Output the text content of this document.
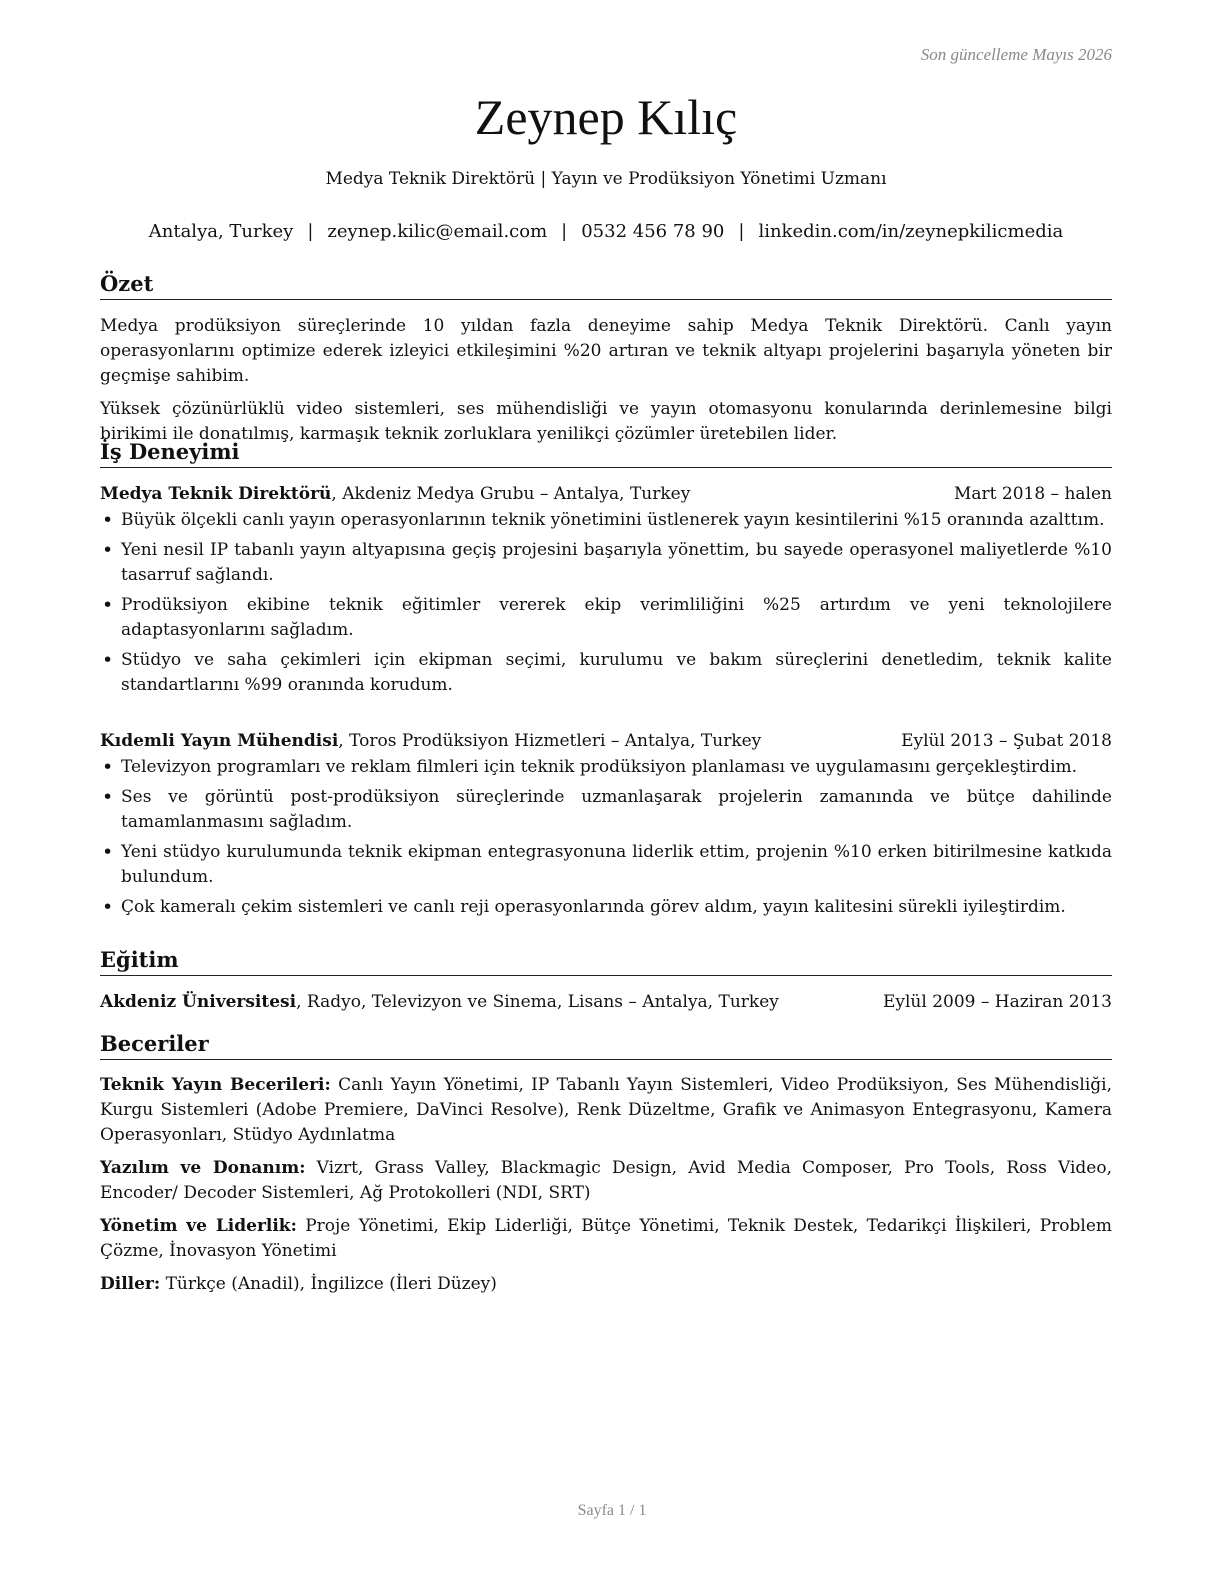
Son güncelleme Mayıs 2026
Zeynep Kılıç
Medya Teknik Direktörü | Yayın ve Prodüksiyon Yönetimi Uzmanı
Antalya, Turkey | zeynep.kilic@email.com | 0532 456 78 90 | linkedin.com/in/zeynepkilicmedia
Özet

Medya prodüksiyon süreçlerinde 10 yıldan fazla deneyime sahip Medya Teknik Direktörü. Canlı yayın operasyonlarını optimize ederek izleyici etkileşimini %20 artıran ve teknik altyapı projelerini başarıyla yöneten bir geçmişe sahibim.

Yüksek çözünürlüklü video sistemleri, ses mühendisliği ve yayın otomasyonu konularında derinlemesine bilgi birikimi ile donatılmış, karmaşık teknik zorluklara yenilikçi çözümler üretebilen lider.

İş Deneyimi
Medya Teknik Direktörü, Akdeniz Medya Grubu – Antalya, Turkey	Mart 2018 – halen
• Büyük ölçekli canlı yayın operasyonlarının teknik yönetimini üstlenerek yayın kesintilerini %15 oranında azalttım.
• Yeni nesil IP tabanlı yayın altyapısına geçiş projesini başarıyla yönettim, bu sayede operasyonel maliyetlerde %10 tasarruf sağlandı.
• Prodüksiyon ekibine teknik eğitimler vererek ekip verimliliğini %25 artırdım ve yeni teknolojilere adaptasyonlarını sağladım.
• Stüdyo ve saha çekimleri için ekipman seçimi, kurulumu ve bakım süreçlerini denetledim, teknik kalite standartlarını %99 oranında korudum.
Kıdemli Yayın Mühendisi, Toros Prodüksiyon Hizmetleri – Antalya, Turkey	Eylül 2013 – Şubat 2018
• Televizyon programları ve reklam filmleri için teknik prodüksiyon planlaması ve uygulamasını gerçekleştirdim.
• Ses ve görüntü post-prodüksiyon süreçlerinde uzmanlaşarak projelerin zamanında ve bütçe dahilinde tamamlanmasını sağladım.
• Yeni stüdyo kurulumunda teknik ekipman entegrasyonuna liderlik ettim, projenin %10 erken bitirilmesine katkıda bulundum.
• Çok kameralı çekim sistemleri ve canlı reji operasyonlarında görev aldım, yayın kalitesini sürekli iyileştirdim.
Eğitim
Akdeniz Üniversitesi, Radyo, Televizyon ve Sinema, Lisans – Antalya, Turkey	Eylül 2009 – Haziran 2013
Beceriler

Teknik Yayın Becerileri: Canlı Yayın Yönetimi, IP Tabanlı Yayın Sistemleri, Video Prodüksiyon, Ses Mühendisliği, Kurgu Sistemleri (Adobe Premiere, DaVinci Resolve), Renk Düzeltme, Grafik ve Animasyon Entegrasyonu, Kamera Operasyonları, Stüdyo Aydınlatma

Yazılım ve Donanım: Vizrt, Grass Valley, Blackmagic Design, Avid Media Composer, Pro Tools, Ross Video, Encoder/ Decoder Sistemleri, Ağ Protokolleri (NDI, SRT)

Yönetim ve Liderlik: Proje Yönetimi, Ekip Liderliği, Bütçe Yönetimi, Teknik Destek, Tedarikçi İlişkileri, Problem Çözme, İnovasyon Yönetimi

Diller: Türkçe (Anadil), İngilizce (İleri Düzey)

Sayfa 1 / 1
